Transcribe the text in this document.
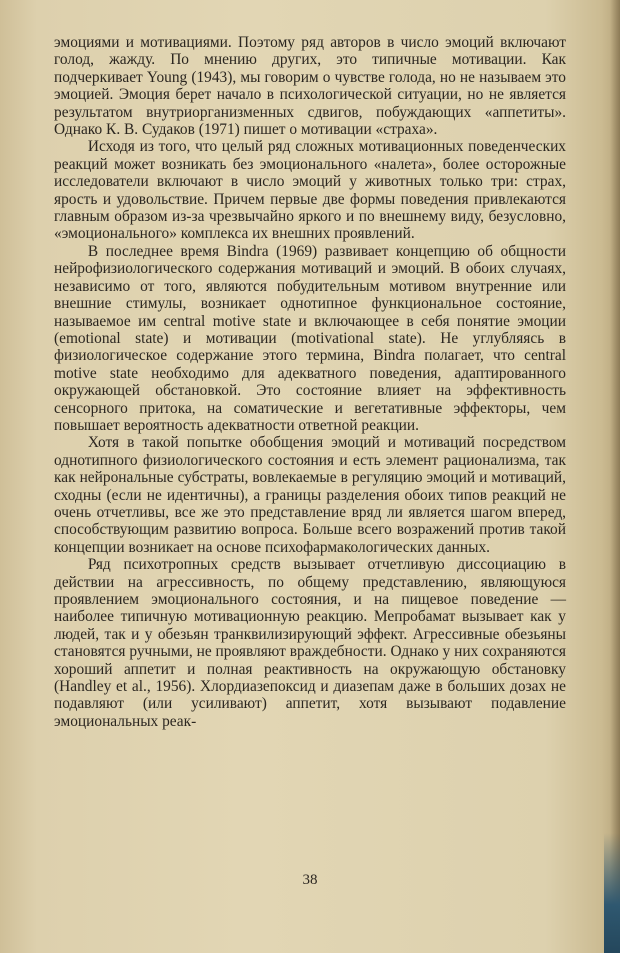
эмоциями и мотивациями. Поэтому ряд авторов в число эмоций включают голод, жажду. По мнению других, это типичные мотивации. Как подчеркивает Young (1943), мы говорим о чувстве голода, но не называем это эмоцией. Эмоция берет начало в психологической ситуации, но не является результатом внутриорганизменных сдвигов, побуждающих «аппетиты». Однако К. В. Судаков (1971) пишет о мотивации «страха».

Исходя из того, что целый ряд сложных мотивационных поведенческих реакций может возникать без эмоционального «налета», более осторожные исследователи включают в число эмоций у животных только три: страх, ярость и удовольствие. Причем первые две формы поведения привлекаются главным образом из-за чрезвычайно яркого и по внешнему виду, безусловно, «эмоционального» комплекса их внешних проявлений.

В последнее время Bindra (1969) развивает концепцию об общности нейрофизиологического содержания мотиваций и эмоций. В обоих случаях, независимо от того, являются побудительным мотивом внутренние или внешние стимулы, возникает однотипное функциональное состояние, называемое им central motive state и включающее в себя понятие эмоции (emotional state) и мотивации (motivational state). Не углубляясь в физиологическое содержание этого термина, Bindra полагает, что central motive state необходимо для адекватного поведения, адаптированного окружающей обстановкой. Это состояние влияет на эффективность сенсорного притока, на соматические и вегетативные эффекторы, чем повышает вероятность адекватности ответной реакции.

Хотя в такой попытке обобщения эмоций и мотиваций посредством однотипного физиологического состояния и есть элемент рационализма, так как нейрональные субстраты, вовлекаемые в регуляцию эмоций и мотиваций, сходны (если не идентичны), а границы разделения обоих типов реакций не очень отчетливы, все же это представление вряд ли является шагом вперед, способствующим развитию вопроса. Больше всего возражений против такой концепции возникает на основе психофармакологических данных.

Ряд психотропных средств вызывает отчетливую диссоциацию в действии на агрессивность, по общему представлению, являющуюся проявлением эмоционального состояния, и на пищевое поведение — наиболее типичную мотивационную реакцию. Мепробамат вызывает как у людей, так и у обезьян транквилизирующий эффект. Агрессивные обезьяны становятся ручными, не проявляют враждебности. Однако у них сохраняются хороший аппетит и полная реактивность на окружающую обстановку (Handley et al., 1956). Хлордиазепоксид и диазепам даже в больших дозах не подавляют (или усиливают) аппетит, хотя вызывают подавление эмоциональных реак-

38
